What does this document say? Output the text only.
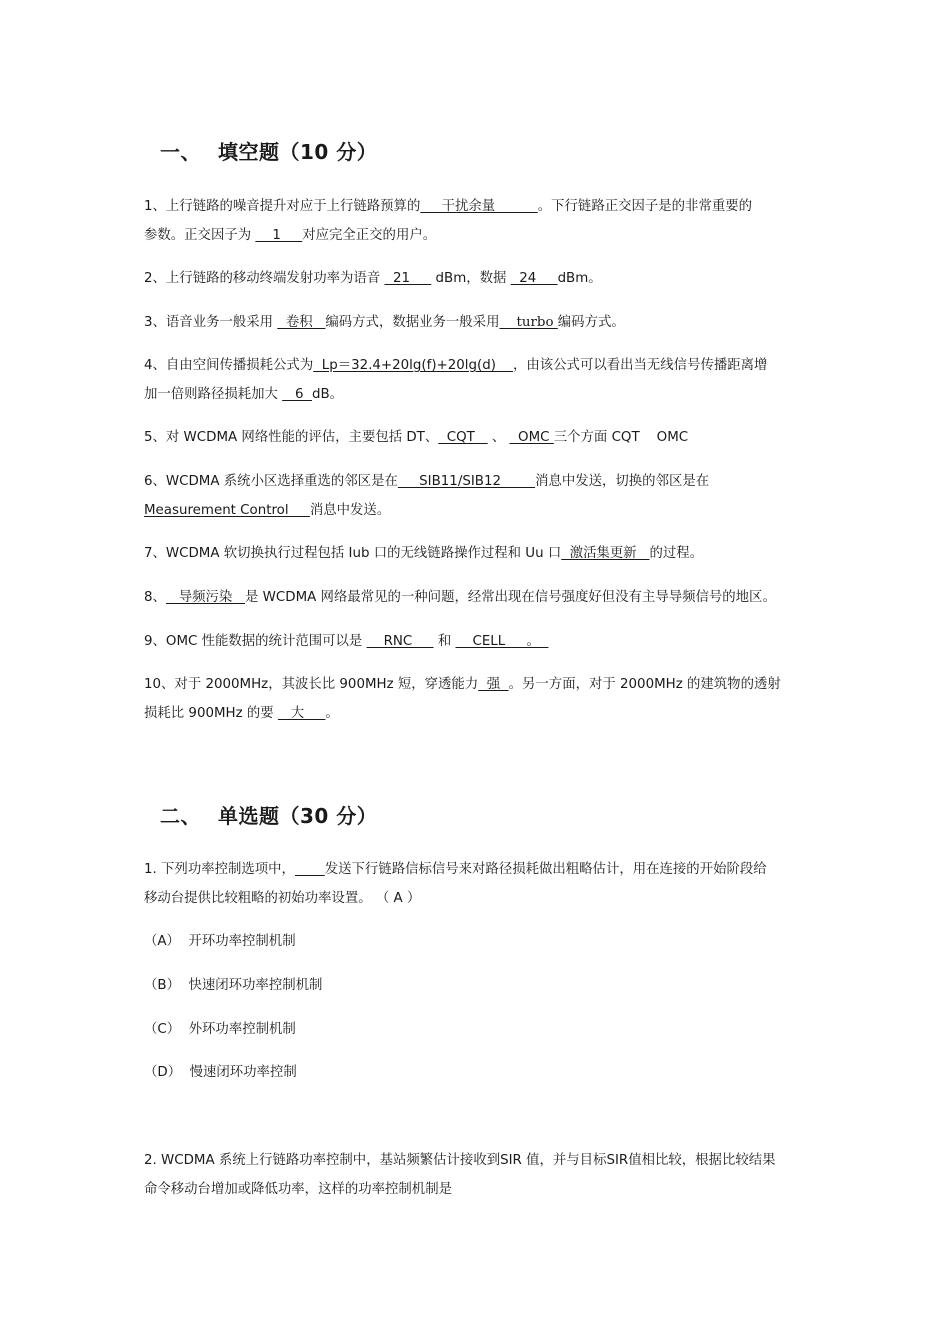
一、 填空题（10 分）
1、上行链路的噪音提升对应于上行链路预算的     干扰余量          。下行链路正交因子是的非常重要的
参数。正交因子为     1     对应完全正交的用户。
2、上行链路的移动终端发射功率为语音   21      dBm，数据   24     dBm。
3、语音业务一般采用   卷积   编码方式，数据业务一般采用    turbo 编码方式。
4、自由空间传播损耗公式为  Lp＝32.4+20lg(f)+20lg(d)    ，由该公式可以看出当无线信号传播距离增
加一倍则路径损耗加大    6  dB。
5、对 WCDMA 网络性能的评估，主要包括 DT、  CQT    、   OMC 三个方面 CQT    OMC
6、WCDMA 系统小区选择重选的邻区是在     SIB11/SIB12        消息中发送，切换的邻区是在
Measurement Control     消息中发送。
7、WCDMA 软切换执行过程包括 Iub 口的无线链路操作过程和 Uu 口  激活集更新   的过程。
8、   导频污染   是 WCDMA 网络最常见的一种问题，经常出现在信号强度好但没有主导导频信号的地区。
9、OMC 性能数据的统计范围可以是     RNC      和     CELL     。
10、对于 2000MHz，其波长比 900MHz 短，穿透能力  强  。另一方面，对于 2000MHz 的建筑物的透射
损耗比 900MHz 的要    大     。
二、 单选题（30 分）
1. 下列功率控制选项中， 发送下行链路信标信号来对路径损耗做出粗略估计，用在连接的开始阶段给
移动台提供比较粗略的初始功率设置。 （ A ）
（A）  开环功率控制机制
（B）  快速闭环功率控制机制
（C）  外环功率控制机制
（D）  慢速闭环功率控制
2. WCDMA 系统上行链路功率控制中，基站频繁估计接收到SIR 值，并与目标SIR值相比较，根据比较结果
命令移动台增加或降低功率，这样的功率控制机制是
